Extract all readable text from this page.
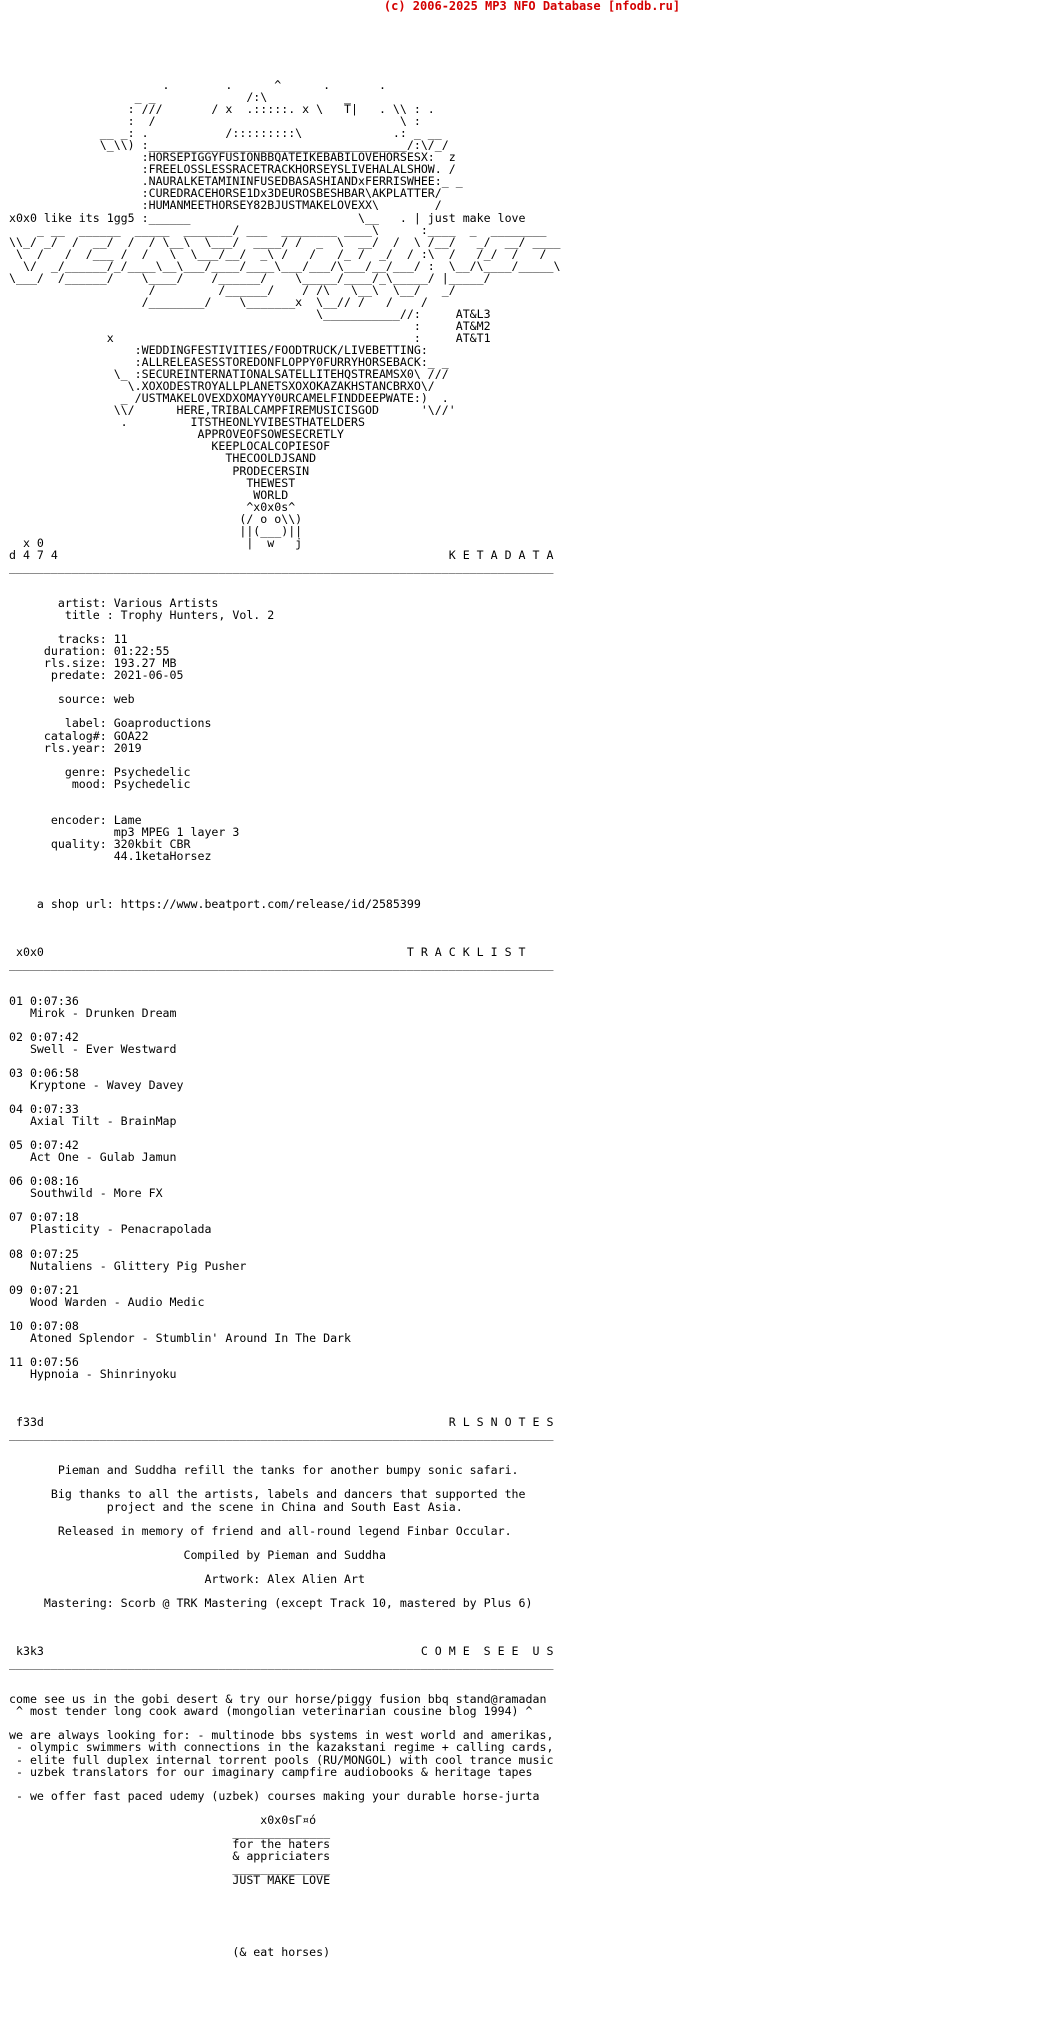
(c) 2006-2025 MP3 NFO Database [nfodb.ru]
.        .      ^      .       .
_ _             /:\           _
: ///       / x  .:::::. x \   T|   . \\ : .
:  /                                   \ :
__ _: .           /:::::::::\             .: _ __
\_\\) :_____________________________________/:\/_/
:HORSEPIGGYFUSIONBBQATEIKEBABILOVEHORSESX:  z
:FREELOSSLESSRACETRACKHORSEYSLIVEHALALSHOW. /
.NAURALKETAMININFUSEDBASASHIANDxFERRISWHEE:_ _
:CUREDRACEHORSE1Dx3DEUROSBESHBAR\AKPLATTER/
:HUMANMEETHORSEY82BJUSTMAKELOVEXX\        /
x0x0 like its 1gg5 :______                        \__   . | just make love
_ __  ______  _____  _______/ ___  ________ ____\      :____  _  ________
\\_/ _/  /  __/  /  / \__\  \___/  ____/ /  _  \  __/  /  \ /__/   _/  __/ ____
\  /   /  /___ /  /   \  \___/__/  _\ /   /   /_ /  _/  / :\  /   /_/  /   /
\/  _/______/_/____\__\___/____/____\___/___/\___/__/___/ :  \__/\____/_____\
\___/  /______/    \____/    /______/    \_____/____/_\_____/ |_____/
/         /______/    / /\   \__\  \__/   _/
/________/    \_______x  \__// /   /    /
\___________//:     AT&L3
:     AT&M2
x                                           :     AT&T1
:WEDDINGFESTIVITIES/FOODTRUCK/LIVEBETTING:
:ALLRELEASESSTOREDONFLOPPY0FURRYHORSEBACK:_ _
\_ :SECUREINTERNATIONALSATELLITEHQSTREAMSX0\ ///
\.XOXODESTROYALLPLANETSXOXOKAZAKHSTANCBRXO\/
_ /USTMAKELOVEXDXOMAYY0URCAMELFINDDEEPWATE:)  .
\\/      HERE,TRIBALCAMPFIREMUSICISGOD      '\//'
.         ITSTHEONLYVIBESTHATELDERS
APPROVEOFSOWESECRETLY
KEEPLOCALCOPIESOF
THECOOLDJSAND
PRODECERSIN
THEWEST
WORLD
^x0x0s^
(/ o o\\)
||(___)||
x 0                             |  w   j
d 4 7 4                                                        K E T A D A T A
______________________________________________________________________________

artist: Various Artists
title : Trophy Hunters, Vol. 2

tracks: 11
duration: 01:22:55
rls.size: 193.27 MB
predate: 2021-06-05

source: web

label: Goaproductions
catalog#: GOA22
rls.year: 2019

genre: Psychedelic
mood: Psychedelic

encoder: Lame
mp3 MPEG 1 layer 3
quality: 320kbit CBR
44.1ketaHorsez

a shop url: https://www.beatport.com/release/id/2585399

x0x0                                                    T R A C K L I S T
______________________________________________________________________________

01 0:07:36
Mirok - Drunken Dream

02 0:07:42
Swell - Ever Westward

03 0:06:58
Kryptone - Wavey Davey

04 0:07:33
Axial Tilt - BrainMap

05 0:07:42
Act One - Gulab Jamun

06 0:08:16
Southwild - More FX

07 0:07:18
Plasticity - Penacrapolada

08 0:07:25
Nutaliens - Glittery Pig Pusher

09 0:07:21
Wood Warden - Audio Medic

10 0:07:08
Atoned Splendor - Stumblin' Around In The Dark

11 0:07:56
Hypnoia - Shinrinyoku

f33d                                                          R L S N O T E S
______________________________________________________________________________

Pieman and Suddha refill the tanks for another bumpy sonic safari.

Big thanks to all the artists, labels and dancers that supported the
project and the scene in China and South East Asia.

Released in memory of friend and all-round legend Finbar Occular.

Compiled by Pieman and Suddha

Artwork: Alex Alien Art

Mastering: Scorb @ TRK Mastering (except Track 10, mastered by Plus 6)

k3k3                                                      C O M E  S E E  U S
______________________________________________________________________________

come see us in the gobi desert & try our horse/piggy fusion bbq stand@ramadan
^ most tender long cook award (mongolian veterinarian cousine blog 1994) ^

we are always looking for: - multinode bbs systems in west world and amerikas,
- olympic swimmers with connections in the kazakstani regime + calling cards,
- elite full duplex internal torrent pools (RU/MONGOL) with cool trance music
- uzbek translators for our imaginary campfire audiobooks & heritage tapes

- we offer fast paced udemy (uzbek) courses making your durable horse-jurta

x0x0sГ¤ó
______________
for the haters
& appriciaters
______________
JUST MAKE LOVE

(& eat horses)
